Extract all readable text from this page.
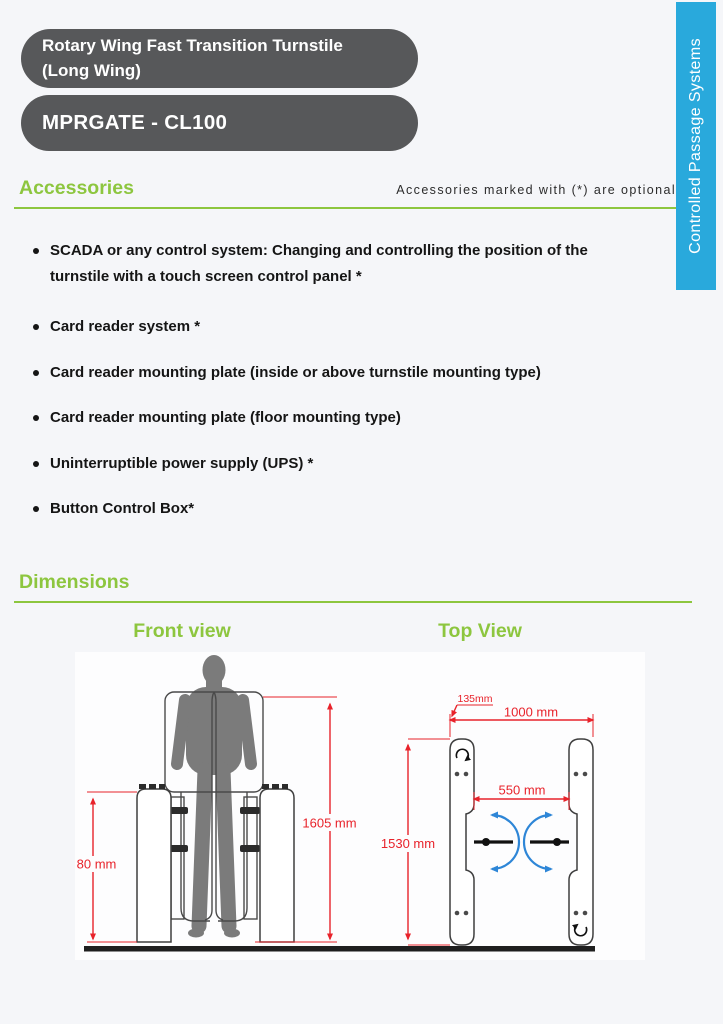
Rotary Wing Fast Transition Turnstile
(Long Wing)
MPRGATE - CL100	Controlled Passage Systems
Accessories	Accessories marked with (*) are optional
SCADA or any control system: Changing and controlling the position of the turnstile with a touch screen control panel *
Card reader system *
Card reader mounting plate (inside or above turnstile mounting type)
Card reader mounting plate (floor mounting type)
Uninterruptible power supply (UPS) *
Button Control Box*
Dimensions
Front view	Top View
80 mm
1605 mm
1000 mm
135mm
550 mm
1530 mm
